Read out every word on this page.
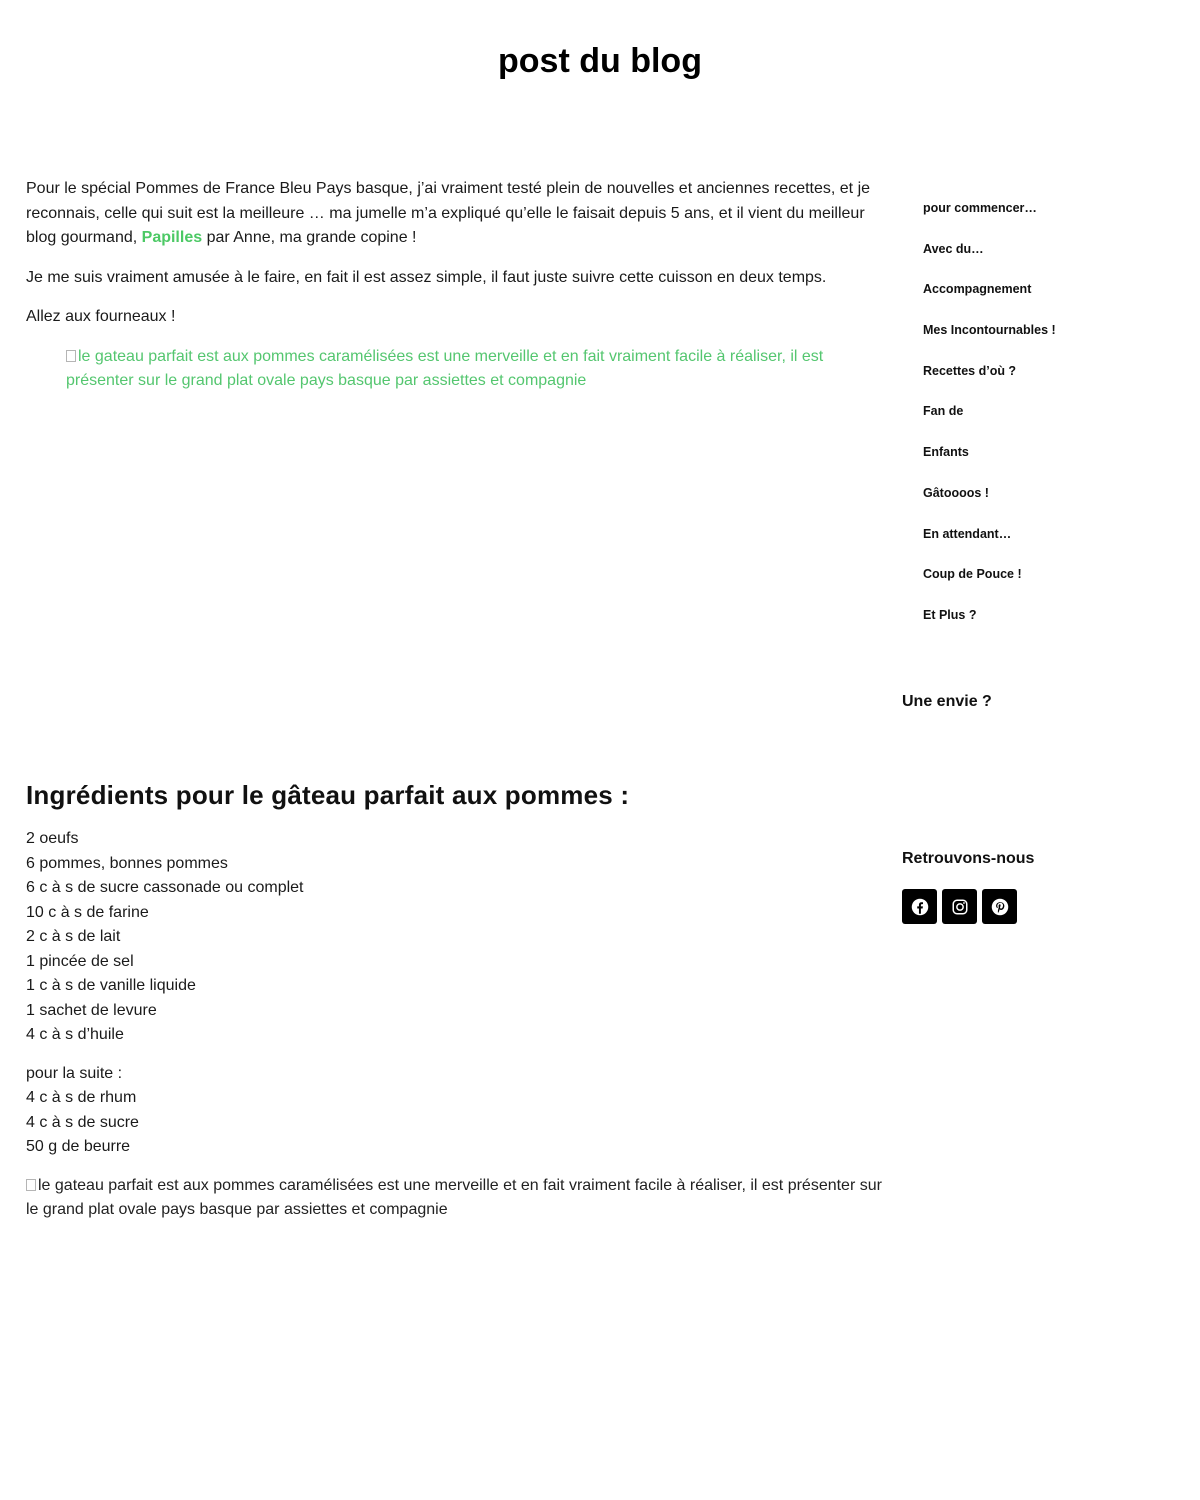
post du blog

Pour le spécial Pommes de France Bleu Pays basque, j’ai vraiment testé plein de nouvelles et anciennes recettes, et je reconnais, celle qui suit est la meilleure … ma jumelle m’a expliqué qu’elle le faisait depuis 5 ans, et il vient du meilleur blog gourmand, Papilles par Anne, ma grande copine !

Je me suis vraiment amusée à le faire, en fait il est assez simple, il faut juste suivre cette cuisson en deux temps.

Allez aux fourneaux !

le gateau parfait est aux pommes caramélisées est une merveille et en fait vraiment facile à réaliser, il est présenter sur le grand plat ovale pays basque par assiettes et compagnie
Ingrédients pour le gâteau parfait aux pommes :
2 oeufs
6 pommes, bonnes pommes
6 c à s de sucre cassonade ou complet
10 c à s de farine
2 c à s de lait
1 pincée de sel
1 c à s de vanille liquide
1 sachet de levure
4 c à s d’huile
pour la suite :
4 c à s de rhum
4 c à s de sucre
50 g de beurre
le gateau parfait est aux pommes caramélisées est une merveille et en fait vraiment facile à réaliser, il est présenter sur le grand plat ovale pays basque par assiettes et compagnie
pour commencer…
Avec du…
Accompagnement
Mes Incontournables !
Recettes d’où ?
Fan de
Enfants
Gâtoooos !
En attendant…
Coup de Pouce !
Et Plus ?
Une envie ?
Retrouvons-nous
